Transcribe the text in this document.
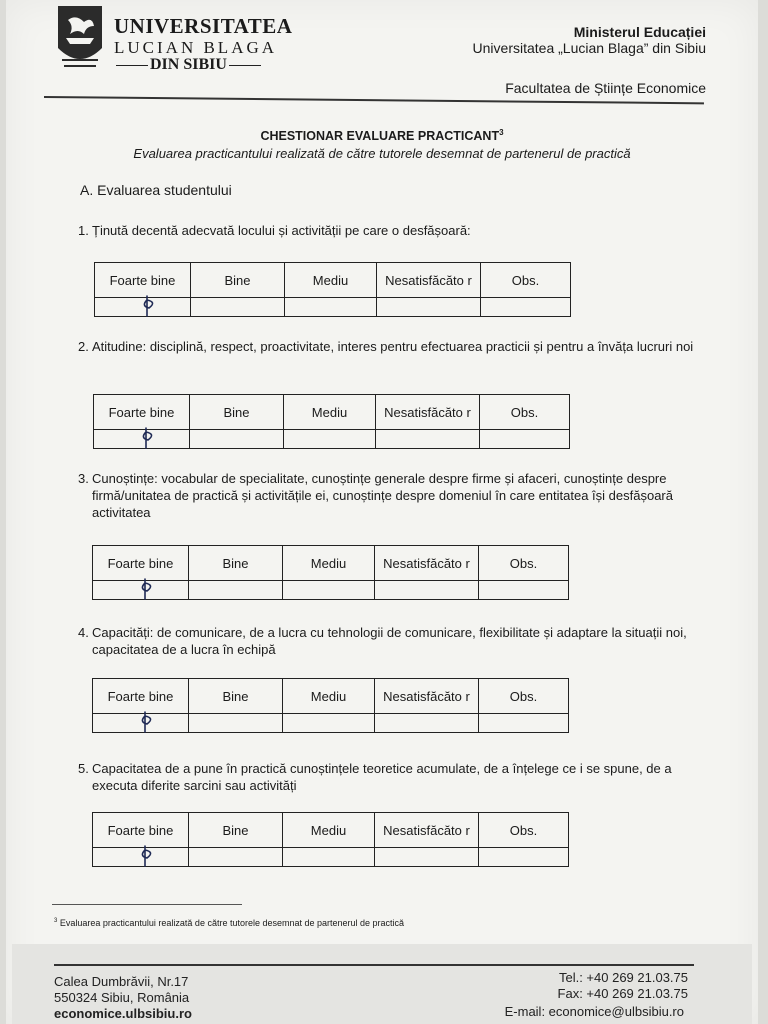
UNIVERSITATEA
LUCIAN BLAGA
DIN SIBIU
Ministerul Educației
Universitatea „Lucian Blaga” din Sibiu
Facultatea de Științe Economice
CHESTIONAR EVALUARE PRACTICANT$^3$
Evaluarea practicantului realizată de către tutorele desemnat de partenerul de practică
A. Evaluarea studentului
1. Ținută decentă adecvată locului și activității pe care o desfășoară:
Foarte bine	Bine	Mediu	Nesatisfăcăto r	Obs.

2. Atitudine: disciplină, respect, proactivitate, interes pentru efectuarea practicii și pentru a învăța lucruri noi
Foarte bine	Bine	Mediu	Nesatisfăcăto r	Obs.

3. Cunoștințe: vocabular de specialitate, cunoștințe generale despre firme și afaceri, cunoștințe despre firmă/unitatea de practică și activitățile ei, cunoștințe despre domeniul în care entitatea își desfășoară activitatea
Foarte bine	Bine	Mediu	Nesatisfăcăto r	Obs.

4. Capacități: de comunicare, de a lucra cu tehnologii de comunicare, flexibilitate și adaptare la situații noi, capacitatea de a lucra în echipă
Foarte bine	Bine	Mediu	Nesatisfăcăto r	Obs.

5. Capacitatea de a pune în practică cunoștințele teoretice acumulate, de a înțelege ce i se spune, de a executa diferite sarcini sau activități
Foarte bine	Bine	Mediu	Nesatisfăcăto r	Obs.

$^3$ Evaluarea practicantului realizată de către tutorele desemnat de partenerul de practică
Calea Dumbrăvii, Nr.17
550324 Sibiu, România
economice.ulbsibiu.ro
Tel.: +40 269 21.03.75
Fax: +40 269 21.03.75
E-mail: economice@ulbsibiu.ro
